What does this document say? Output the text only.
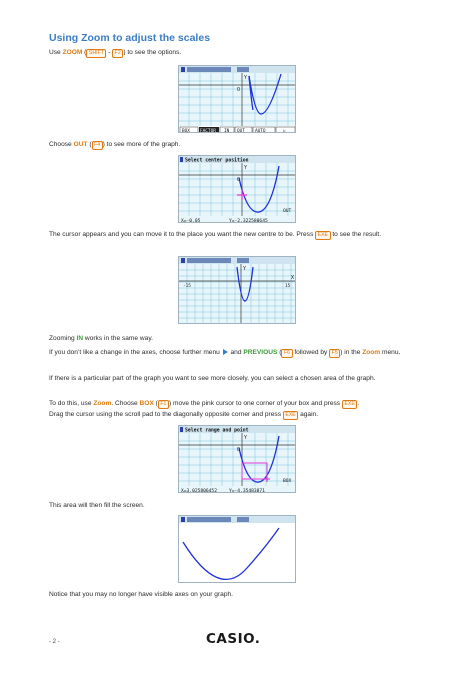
Using Zoom to adjust the scales
Use ZOOM ( SHIFT - F2 ) to see the options.
Y
O
BOX FACTOR IN OUT AUTO	▷
Choose OUT ( F4 ) to see more of the graph.
Select center position
Y
O
OUT
X=-0.05	Y=-2.322580645
The cursor appears and you can move it to the place you want the new centre to be. Press EXE to see the result.
Y
X
-15	15
Zooming IN works in the same way.
If you don’t like a change in the axes, choose further menu  and PREVIOUS ( F6 followed by F5 ) in the Zoom menu.
If there is a particular part of the graph you want to see more closely, you can select a chosen area of the graph.
To do this, use Zoom. Choose BOX ( F1 ) move the pink cursor to one corner of your box and press EXE .
Drag the cursor using the scroll pad to the diagonally opposite corner and press EXE again.
Select range and point
Y
O
BOX
X=3.025806452	Y=-4.35483871
This area will then fill the screen.
Notice that you may no longer have visible axes on your graph.
- 2 -	CASIO.
